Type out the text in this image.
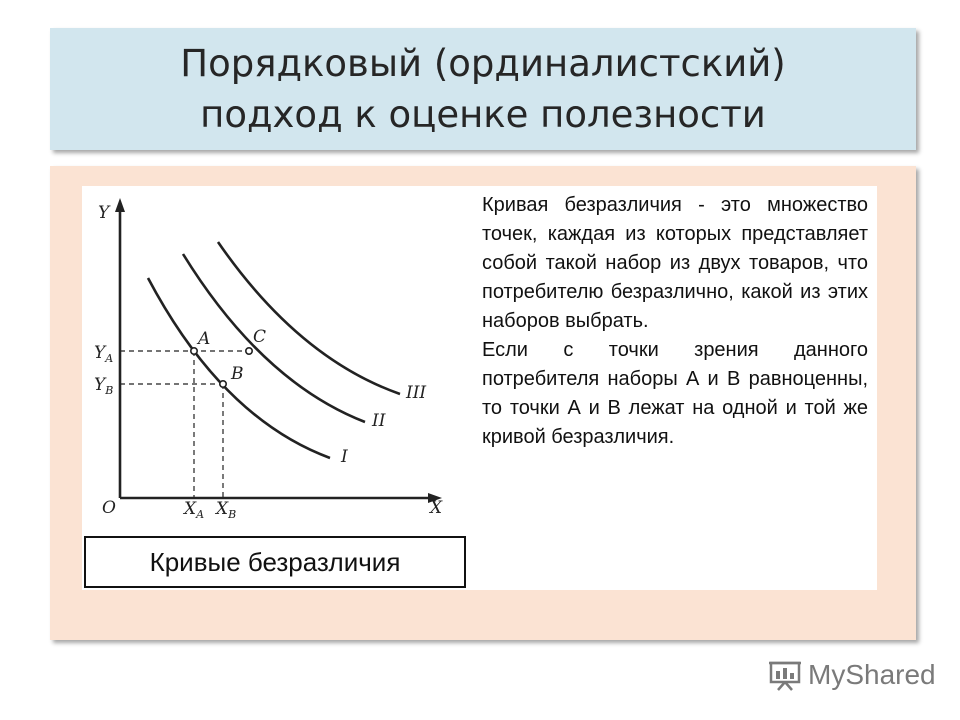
Порядковый (ординалистский)
подход к оценке полезности
Y
X
O
A
B
C
$Y_A$
$Y_B$
$X_A$ $X_B$
I
II
III
Кривые безразличия

Кривая безразличия - это множество точек, каждая из которых представляет собой такой набор из двух товаров, что потребителю безразлично, какой из этих наборов выбрать.

Если с точки зрения данного потребителя наборы А и В равноценны, то точки А и В лежат на одной и той же кривой безразличия.

MyShared
